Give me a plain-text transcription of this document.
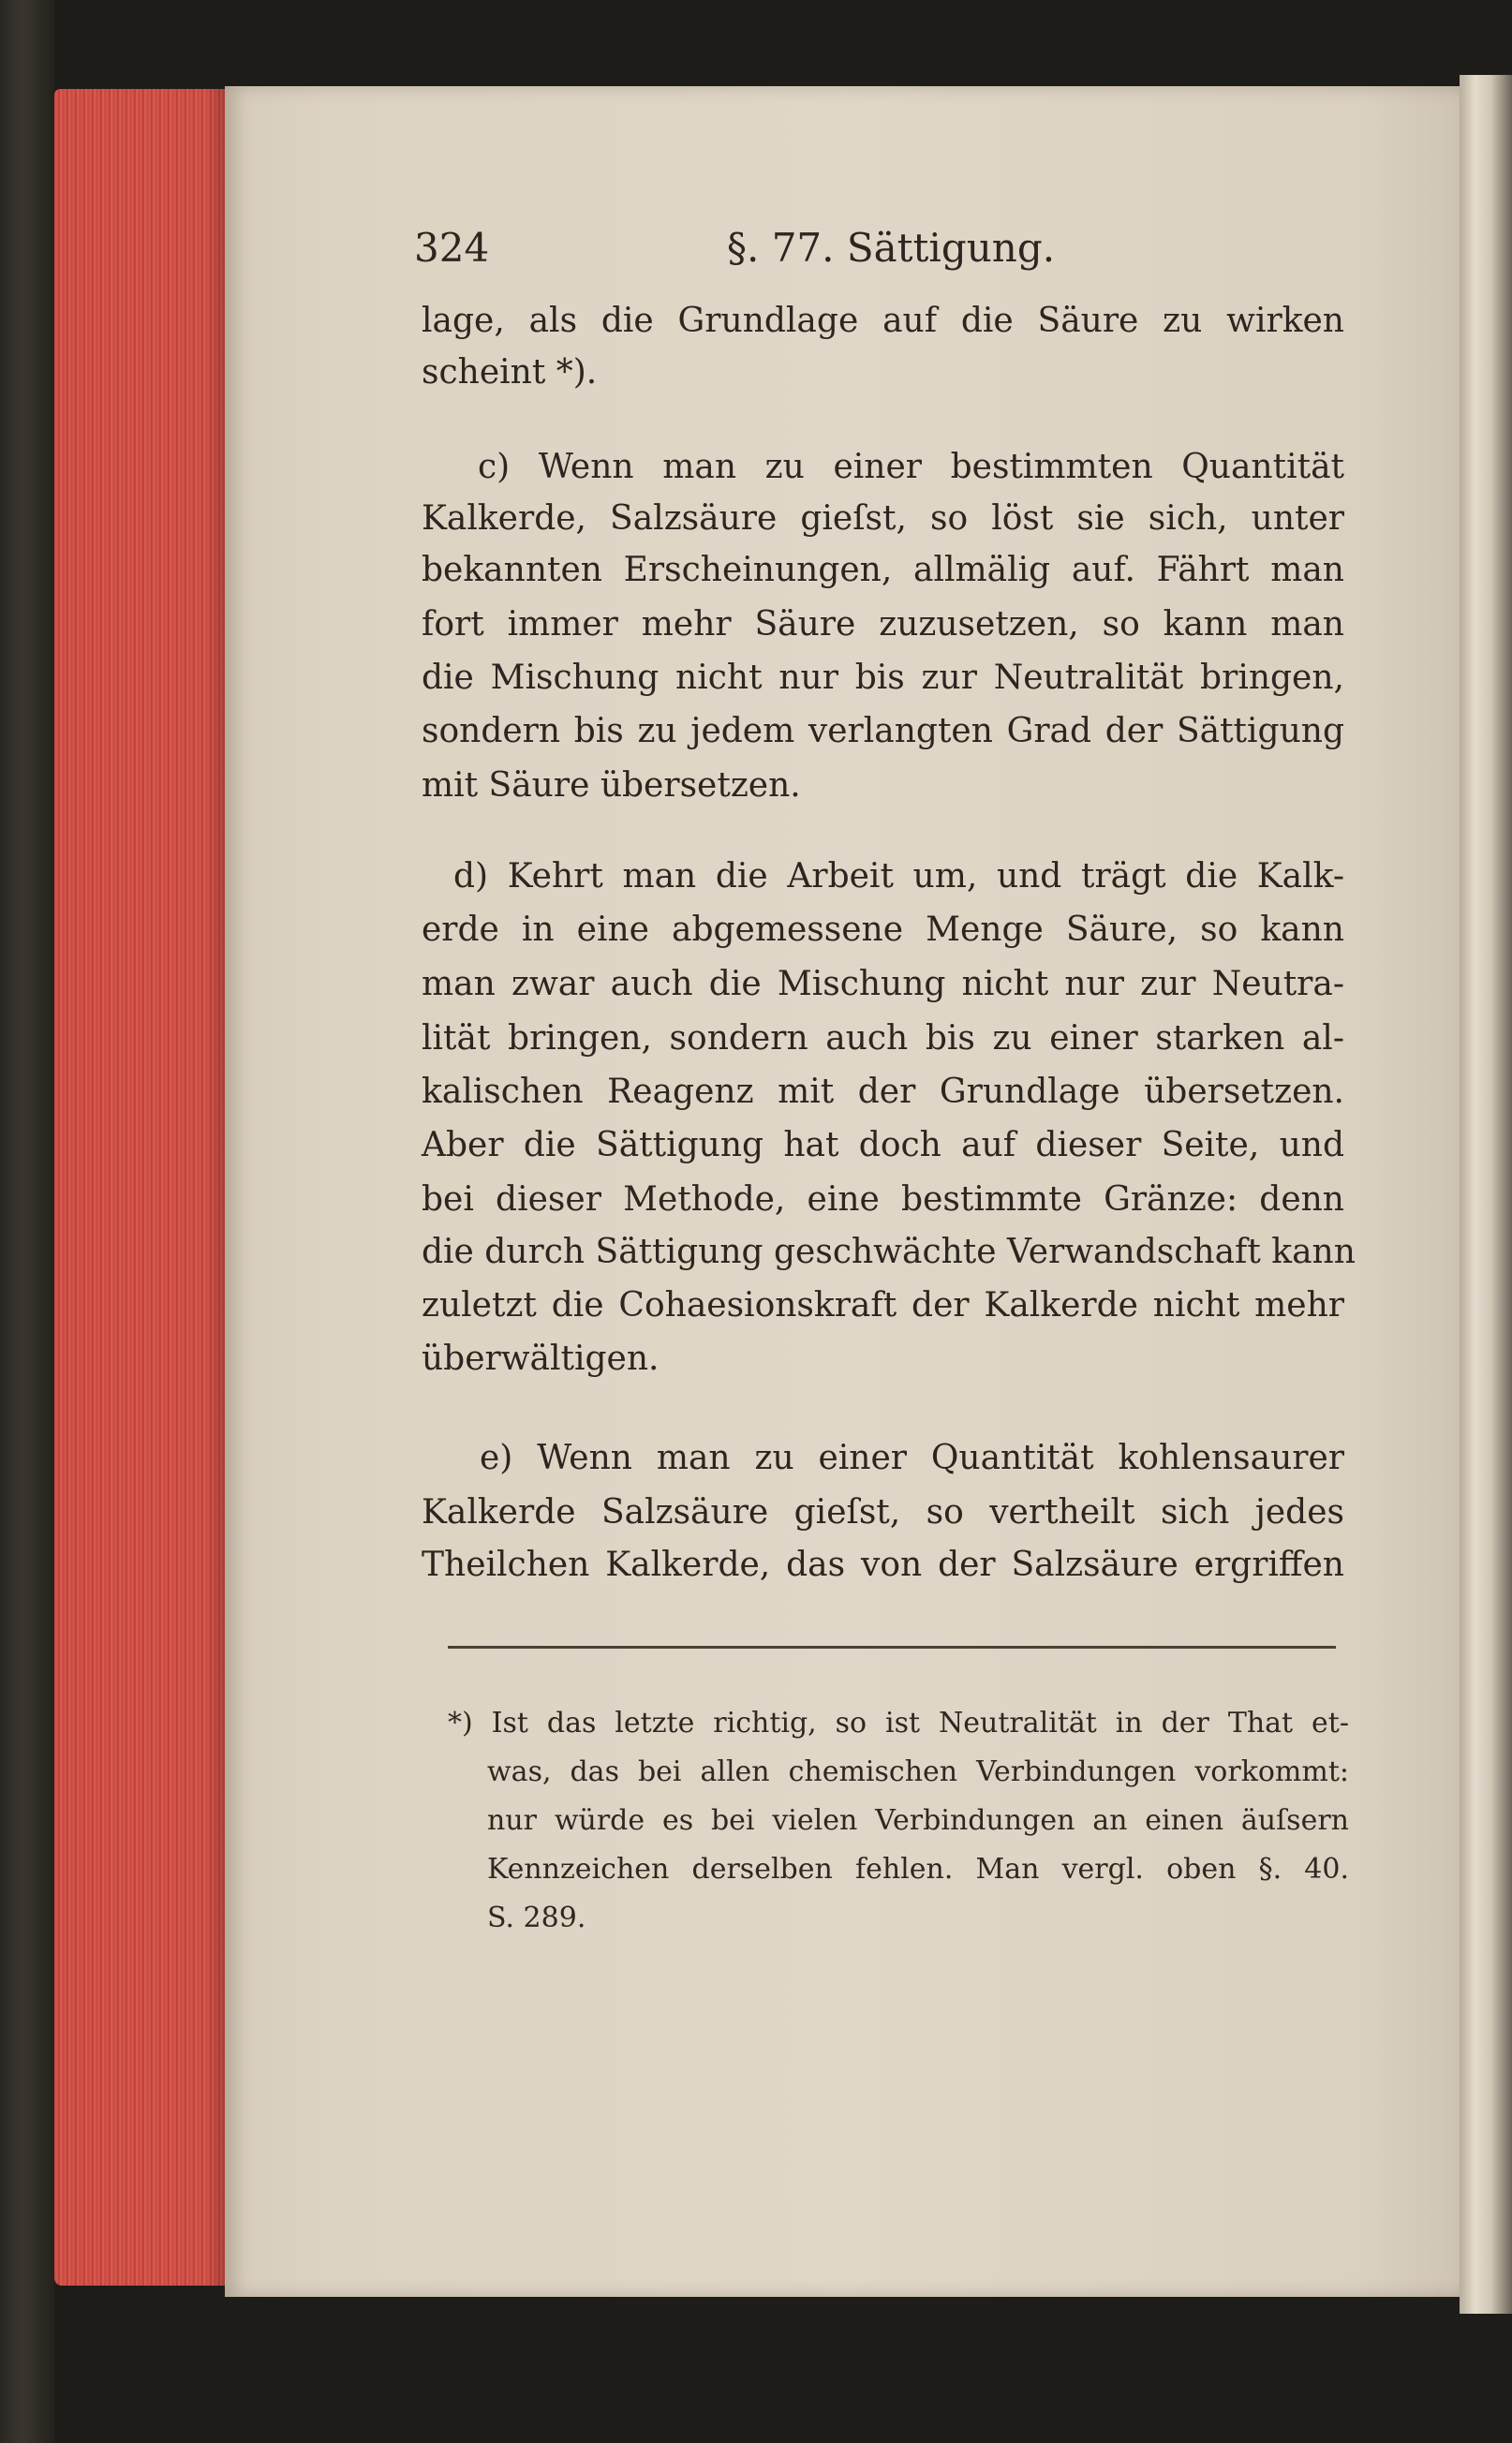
324	§. 77. Sättigung.
lage, als die Grundlage auf die Säure zu wirken
scheint *).
c) Wenn man zu einer bestimmten Quantität
Kalkerde, Salzsäure gieſst, so löst sie sich, unter
bekannten Erscheinungen, allmälig auf. Fährt man
fort immer mehr Säure zuzusetzen, so kann man
die Mischung nicht nur bis zur Neutralität bringen,
sondern bis zu jedem verlangten Grad der Sättigung
mit Säure übersetzen.
d) Kehrt man die Arbeit um, und trägt die Kalk-
erde in eine abgemessene Menge Säure, so kann
man zwar auch die Mischung nicht nur zur Neutra-
lität bringen, sondern auch bis zu einer starken al-
kalischen Reagenz mit der Grundlage übersetzen.
Aber die Sättigung hat doch auf dieser Seite, und
bei dieser Methode, eine bestimmte Gränze: denn
die durch Sättigung geschwächte Verwandschaft kann
zuletzt die Cohaesionskraft der Kalkerde nicht mehr
überwältigen.
e) Wenn man zu einer Quantität kohlensaurer
Kalkerde Salzsäure gieſst, so vertheilt sich jedes
Theilchen Kalkerde, das von der Salzsäure ergriffen
*) Ist das letzte richtig, so ist Neutralität in der That et-
was, das bei allen chemischen Verbindungen vorkommt:
nur würde es bei vielen Verbindungen an einen äuſsern
Kennzeichen derselben fehlen. Man vergl. oben §. 40.
S. 289.
